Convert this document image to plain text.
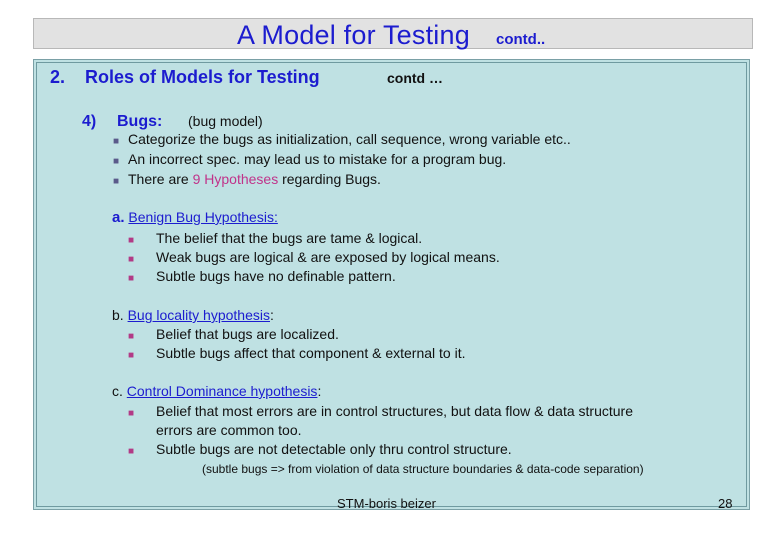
A Model for Testing contd..
2. Roles of Models for Testing	contd …
4) Bugs: (bug model)
■ Categorize the bugs as initialization, call sequence, wrong variable etc..
■ An incorrect spec. may lead us to mistake for a program bug.
■ There are 9 Hypotheses regarding Bugs.
a. Benign Bug Hypothesis:
■ The belief that the bugs are tame & logical.
■ Weak bugs are logical & are exposed by logical means.
■ Subtle bugs have no definable pattern.
b. Bug locality hypothesis:
■ Belief that bugs are localized.
■ Subtle bugs affect that component & external to it.
c. Control Dominance hypothesis:
■ Belief that most errors are in control structures, but data flow & data structure
errors are common too.
■ Subtle bugs are not detectable only thru control structure.
(subtle bugs => from violation of data structure boundaries & data-code separation)
STM-boris beizer	28
